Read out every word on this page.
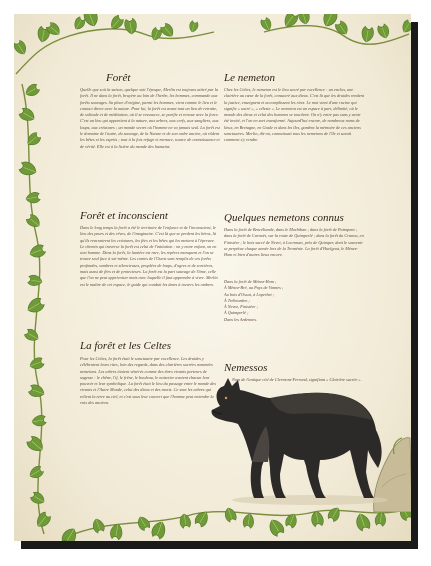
Forêt

Quelle que soit la saison, quelque soit l'époque, Merlin est toujours attiré par la forêt. Il ne dans la forêt, bruyère au loin de l'herbe, les hommes, commande aux forêts sauvages. Sa place d'origine, parmi les hommes, vient comme le lieu et le contact direct avec la nature. Pour lui, la forêt est avant tout un lieu de retraite, de solitude et de méditation, où il se ressource, se purifie et renoue avec la force. C'est un lieu qui appartient à la nature, aux arbres, aux cerfs, aux sangliers, aux loups, aux créatures ; un monde secret où l'homme ne va jamais seul. La forêt est le domaine de l'autre, du sauvage, de la Nature et de son ordre ancien, où rôdent les bêtes et les esprits ; tout à la fois refuge et menace, source de connaissance et de vérité. Elle est à la lisière du monde des humains.

Forêt et inconscient

Dans le long temps la forêt a été le territoire de l'enfance et de l'inconscient, le lieu des peurs et des rêves, de l'imaginaire. C'est là que se perdent les héros, là qu'ils rencontrent les créatures, les fées et les bêtes qui les mettent à l'épreuve. Le chemin qui traverse la forêt est celui de l'initiation : on y entre enfant, on en sort homme. Dans la forêt, la lumière est rare, les repères manquent et l'on se trouve seul face à soi-même. Les contes de l'Ouest sont remplis de ces forêts profondes, sombres et silencieuses, peuplées de loups, d'ogres et de sorcières, mais aussi de fées et de protecteurs. La forêt est la part sauvage de l'âme, celle que l'on ne peut apprivoiser mais avec laquelle il faut apprendre à vivre. Merlin est le maître de cet espace, le guide qui conduit les âmes à travers les ombres.

La forêt et les Celtes

Pour les Celtes, la forêt était le sanctuaire par excellence. Les druides y célébraient leurs rites, loin des regards, dans des clairières sacrées nommées nemetons. Les arbres étaient vénérés comme des êtres vivants porteurs de sagesse : le chêne, l'if, le frêne, le bouleau, le noisetier avaient chacun leur pouvoir et leur symbolique. La forêt était le lieu du passage entre le monde des vivants et l'Autre Monde, celui des dieux et des morts. Ce sont les arbres qui relient la terre au ciel, et c'est sous leur couvert que l'homme peut entendre la voix des anciens.

Le nemeton

Chez les Celtes, le nemeton est le lieu sacré par excellence : un enclos, une clairière au cœur de la forêt, consacré aux dieux. C'est là que les druides rendent la justice, enseignent et accomplissent les rites. Le mot vient d'une racine qui signifie « sacré », « céleste ». Le nemeton est un espace à part, délimité, où le monde des dieux et celui des hommes se touchent. On n'y entre pas sans y avoir été invité, et l'on en sort transformé. Aujourd'hui encore, de nombreux noms de lieux, en Bretagne, en Gaule et dans les îles, gardent la mémoire de ces anciens sanctuaires. Merlin, dit-on, connaissait tous les nemetons de l'île et savait comment s'y rendre.

Quelques nemetons connus

Dans la forêt de Brocéliande, dans le Morbihan ; dans la forêt de Paimpont ; dans la forêt de Carnoët, sur la route de Quimperlé ; dans la forêt du Cranou, en Finistère ; le bois sacré de Nevet, à Locronan, près de Quimper, dont le souvenir se perpétue chaque année lors de la Troménie. La forêt d'Huelgoat, le Ménez-Hom et bien d'autres lieux encore.

Dans la forêt de Ménez-Hom ;
À Ménez-Bré, au Pays de Vannes ;
Au bois d'Ossat, à Loperhet ;
À Trébeurden ;
À Nevez, Finistère ;
À Quimperlé ;
Dans les Ardennes.
Nemessos

Nom de l'antique cité de Clermont-Ferrand, signifiant « Clairière sacrée ».
